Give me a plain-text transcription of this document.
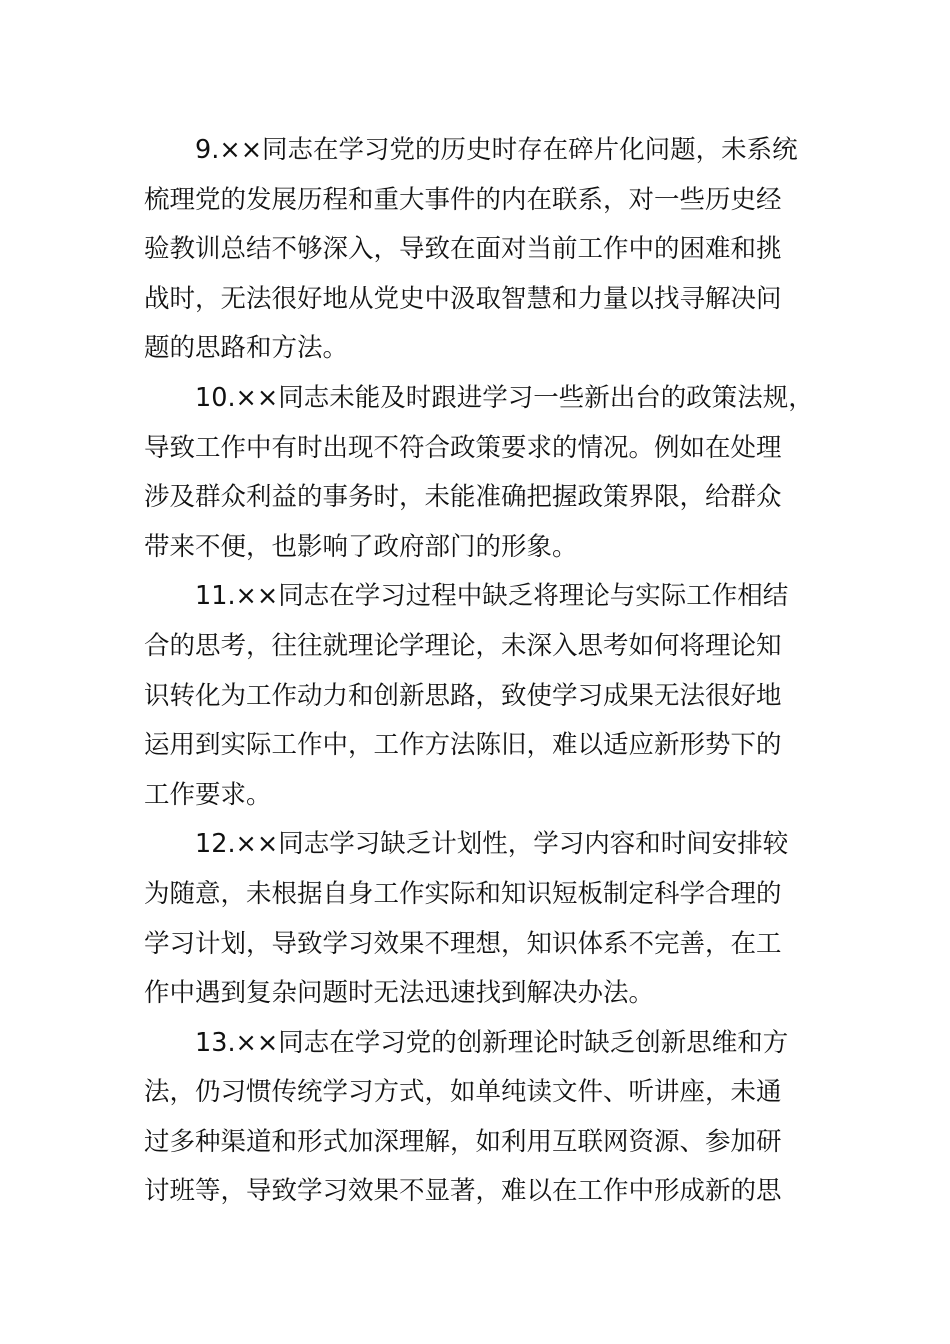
9.××同志在学习党的历史时存在碎片化问题，未系统
梳理党的发展历程和重大事件的内在联系，对一些历史经
验教训总结不够深入，导致在面对当前工作中的困难和挑
战时，无法很好地从党史中汲取智慧和力量以找寻解决问
题的思路和方法。

10.××同志未能及时跟进学习一些新出台的政策法规，
导致工作中有时出现不符合政策要求的情况。例如在处理
涉及群众利益的事务时，未能准确把握政策界限，给群众
带来不便，也影响了政府部门的形象。

11.××同志在学习过程中缺乏将理论与实际工作相结
合的思考，往往就理论学理论，未深入思考如何将理论知
识转化为工作动力和创新思路，致使学习成果无法很好地
运用到实际工作中，工作方法陈旧，难以适应新形势下的
工作要求。

12.××同志学习缺乏计划性，学习内容和时间安排较
为随意，未根据自身工作实际和知识短板制定科学合理的
学习计划，导致学习效果不理想，知识体系不完善，在工
作中遇到复杂问题时无法迅速找到解决办法。

13.××同志在学习党的创新理论时缺乏创新思维和方
法，仍习惯传统学习方式，如单纯读文件、听讲座，未通
过多种渠道和形式加深理解，如利用互联网资源、参加研
讨班等，导致学习效果不显著，难以在工作中形成新的思
